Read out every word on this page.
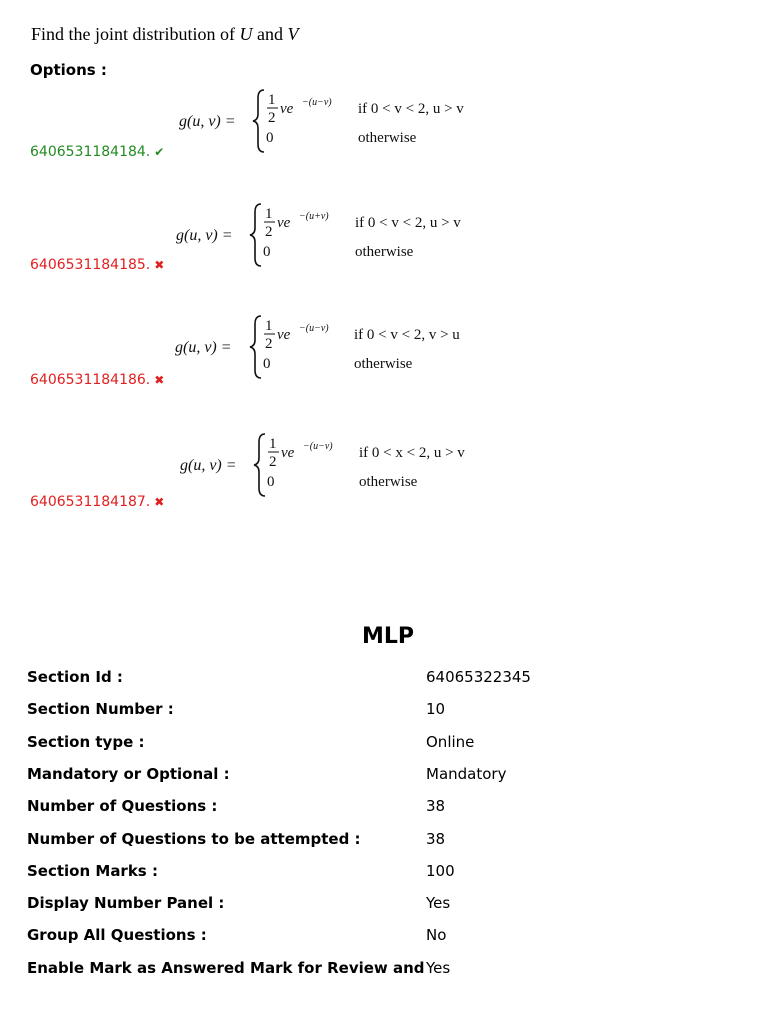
Find the joint distribution of U and V
Options :
6406531184184. ✔
g(u, v) =
1
2
ve −(u−v) if 0 < v < 2, u > v
0	otherwise
6406531184185. ✖
g(u, v) =
1
2
ve −(u+v) if 0 < v < 2, u > v
0	otherwise
6406531184186. ✖
g(u, v) =
1
2
ve −(u−v) if 0 < v < 2, v > u
0	otherwise
6406531184187. ✖
g(u, v) =
1
2
ve −(u−v) if 0 < x < 2, u > v
0	otherwise
MLP
Section Id :	64065322345
Section Number :	10
Section type :	Online
Mandatory or Optional :	Mandatory
Number of Questions :	38
Number of Questions to be attempted :	38
Section Marks :	100
Display Number Panel :	Yes
Group All Questions :	No
Enable Mark as Answered Mark for Review and Yes
